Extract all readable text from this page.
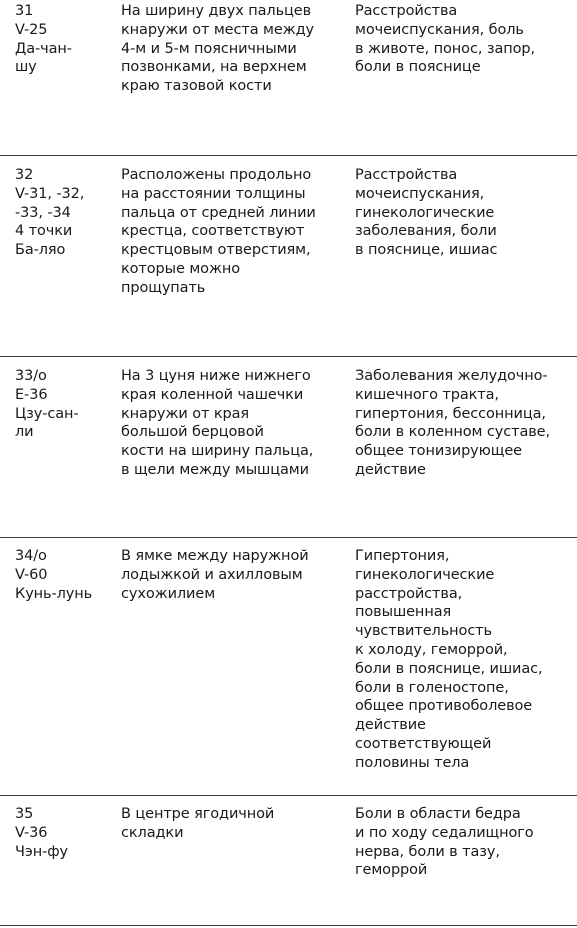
31
V-25
Да-чан-
шу
На ширину двух пальцев
кнаружи от места между
4-м и 5-м поясничными
позвонками, на верхнем
краю тазовой кости
Расстройства
мочеиспускания, боль
в животе, понос, запор,
боли в пояснице
32
V-31, -32,
-33, -34
4 точки
Ба-ляо
Расположены продольно
на расстоянии толщины
пальца от средней линии
крестца, соответствуют
крестцовым отверстиям,
которые можно
прощупать
Расстройства
мочеиспускания,
гинекологические
заболевания, боли
в пояснице, ишиас
33/о
E-36
Цзу-сан-
ли
На 3 цуня ниже нижнего
края коленной чашечки
кнаружи от края
большой берцовой
кости на ширину пальца,
в щели между мышцами
Заболевания желудочно-
кишечного тракта,
гипертония, бессонница,
боли в коленном суставе,
общее тонизирующее
действие
34/о
V-60
Кунь-лунь
В ямке между наружной
лодыжкой и ахилловым
сухожилием
Гипертония,
гинекологические
расстройства,
повышенная
чувствительность
к холоду, геморрой,
боли в пояснице, ишиас,
боли в голеностопе,
общее противоболевое
действие
соответствующей
половины тела
35
V-36
Чэн-фу
В центре ягодичной
складки
Боли в области бедра
и по ходу седалищного
нерва, боли в тазу,
геморрой
